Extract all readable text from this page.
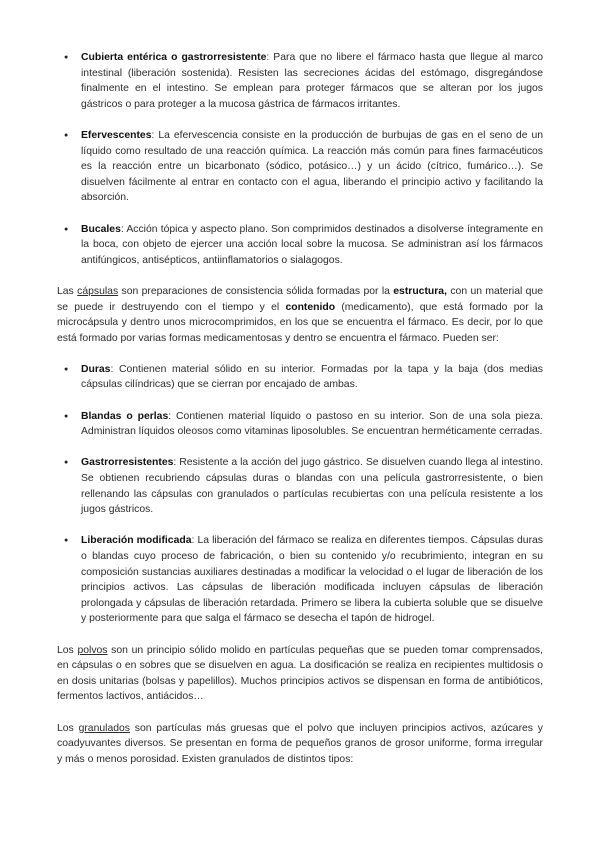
● Cubierta entérica o gastrorresistente: Para que no libere el fármaco hasta que llegue al marco intestinal (liberación sostenida). Resisten las secreciones ácidas del estómago, disgregándose finalmente en el intestino. Se emplean para proteger fármacos que se alteran por los jugos gástricos o para proteger a la mucosa gástrica de fármacos irritantes.
● Efervescentes: La efervescencia consiste en la producción de burbujas de gas en el seno de un líquido como resultado de una reacción química. La reacción más común para fines farmacéuticos es la reacción entre un bicarbonato (sódico, potásico…) y un ácido (cítrico, fumárico…). Se disuelven fácilmente al entrar en contacto con el agua, liberando el principio activo y facilitando la absorción.
● Bucales: Acción tópica y aspecto plano. Son comprimidos destinados a disolverse íntegramente en la boca, con objeto de ejercer una acción local sobre la mucosa. Se administran así los fármacos antifúngicos, antisépticos, antiinflamatorios o sialagogos.

Las cápsulas son preparaciones de consistencia sólida formadas por la estructura, con un material que se puede ir destruyendo con el tiempo y el contenido (medicamento), que está formado por la microcápsula y dentro unos microcomprimidos, en los que se encuentra el fármaco. Es decir, por lo que está formado por varias formas medicamentosas y dentro se encuentra el fármaco. Pueden ser:

● Duras: Contienen material sólido en su interior. Formadas por la tapa y la baja (dos medias cápsulas cilíndricas) que se cierran por encajado de ambas.
● Blandas o perlas: Contienen material líquido o pastoso en su interior. Son de una sola pieza. Administran líquidos oleosos como vitaminas liposolubles. Se encuentran herméticamente cerradas.
● Gastrorresistentes: Resistente a la acción del jugo gástrico. Se disuelven cuando llega al intestino. Se obtienen recubriendo cápsulas duras o blandas con una película gastrorresistente, o bien rellenando las cápsulas con granulados o partículas recubiertas con una película resistente a los jugos gástricos.
● Liberación modificada: La liberación del fármaco se realiza en diferentes tiempos. Cápsulas duras o blandas cuyo proceso de fabricación, o bien su contenido y/o recubrimiento, integran en su composición sustancias auxiliares destinadas a modificar la velocidad o el lugar de liberación de los principios activos. Las cápsulas de liberación modificada incluyen cápsulas de liberación prolongada y cápsulas de liberación retardada. Primero se libera la cubierta soluble que se disuelve y posteriormente para que salga el fármaco se desecha el tapón de hidrogel.

Los polvos son un principio sólido molido en partículas pequeñas que se pueden tomar comprensados, en cápsulas o en sobres que se disuelven en agua. La dosificación se realiza en recipientes multidosis o en dosis unitarias (bolsas y papelillos). Muchos principios activos se dispensan en forma de antibióticos, fermentos lactivos, antiácidos…

Los granulados son partículas más gruesas que el polvo que incluyen principios activos, azúcares y coadyuvantes diversos. Se presentan en forma de pequeños granos de grosor uniforme, forma irregular y más o menos porosidad. Existen granulados de distintos tipos:
